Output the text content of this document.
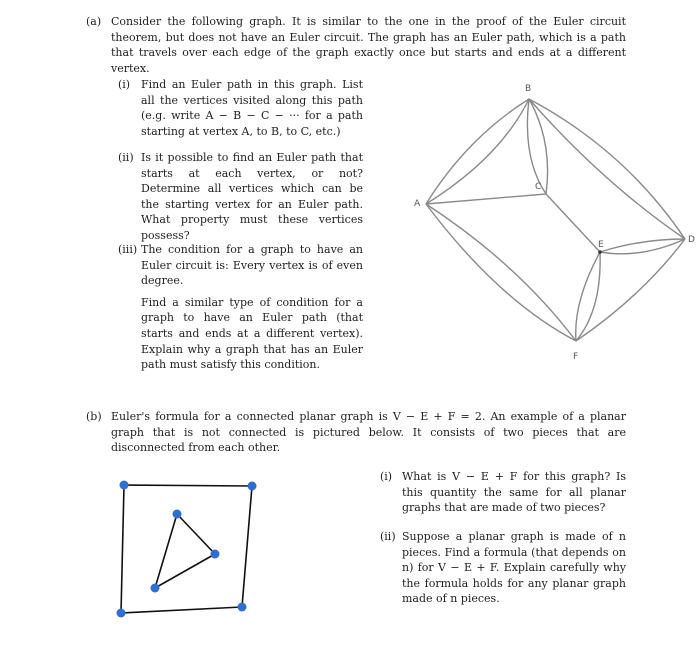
(a) Consider the following graph. It is similar to the one in the proof of the Euler circuit theorem, but does not have an Euler circuit. The graph has an Euler path, which is a path that travels over each edge of the graph exactly once but starts and ends at a different vertex.
(i) Find an Euler path in this graph. List all the vertices visited along this path (e.g. write A − B − C − ··· for a path starting at vertex A, to B, to C, etc.)
(ii) Is it possible to find an Euler path that starts at each vertex, or not? Determine all vertices which can be the starting vertex for an Euler path. What property must these vertices possess?
(iii) The condition for a graph to have an Euler circuit is: Every vertex is of even degree.
Find a similar type of condition for a graph to have an Euler path (that starts and ends at a different vertex). Explain why a graph that has an Euler path must satisfy this condition.
A
B
C
D
E
F
(b) Euler's formula for a connected planar graph is V − E + F = 2. An example of a planar graph that is not connected is pictured below. It consists of two pieces that are disconnected from each other.
(i) What is V − E + F for this graph? Is this quantity the same for all planar graphs that are made of two pieces?
(ii) Suppose a planar graph is made of n pieces. Find a formula (that depends on n) for V − E + F. Explain carefully why the formula holds for any planar graph made of n pieces.
